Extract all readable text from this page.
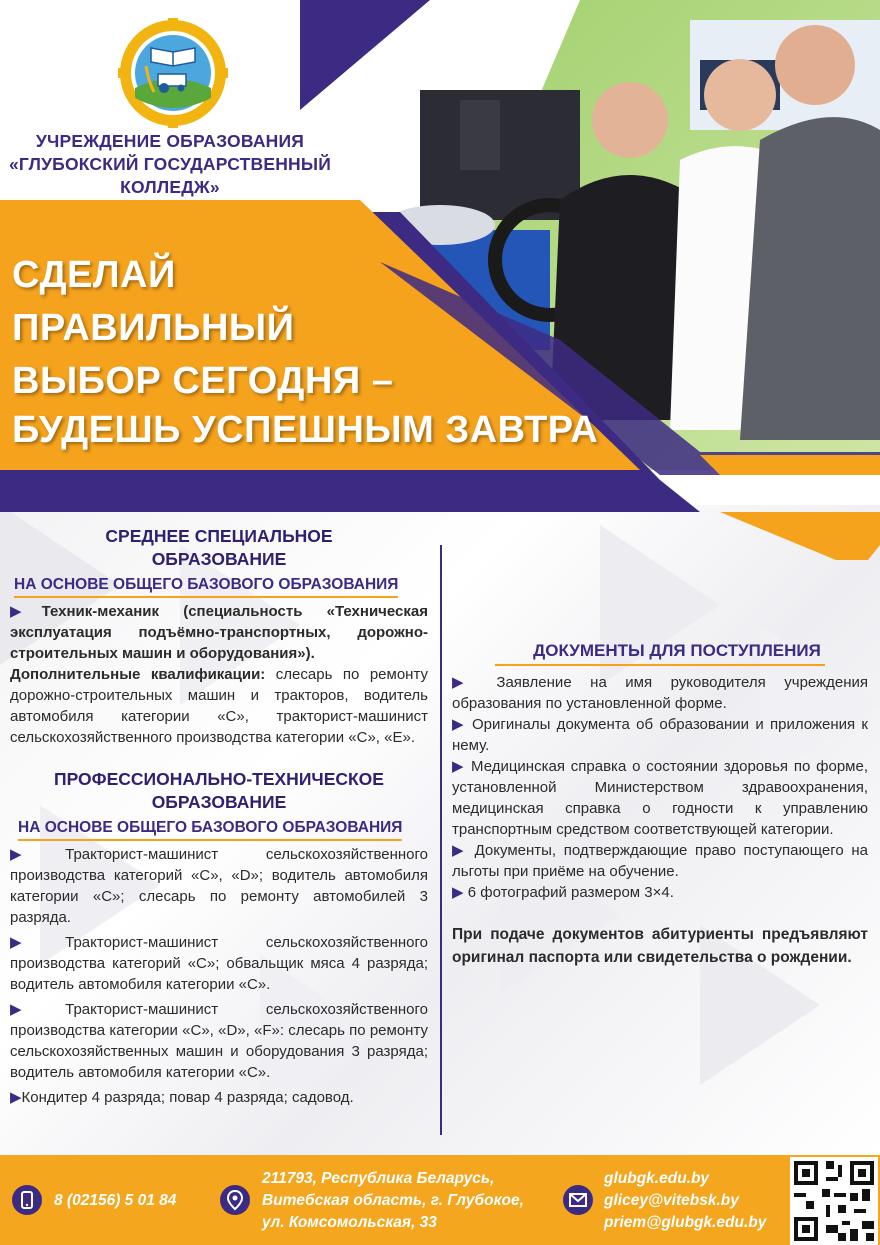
УЧРЕЖДЕНИЕ ОБРАЗОВАНИЯ
«ГЛУБОКСКИЙ ГОСУДАРСТВЕННЫЙ
КОЛЛЕДЖ»
СДЕЛАЙ
ПРАВИЛЬНЫЙ
ВЫБОР СЕГОДНЯ –
БУДЕШЬ УСПЕШНЫМ ЗАВТРА
СРЕДНЕЕ СПЕЦИАЛЬНОЕ
ОБРАЗОВАНИЕ
НА ОСНОВЕ ОБЩЕГО БАЗОВОГО ОБРАЗОВАНИЯ
▶Техник-механик (специальность «Техническая эксплуатация подъёмно-транспортных, дорожно-строительных машин и оборудования»).
Дополнительные квалификации: слесарь по ремонту дорожно-строительных машин и тракторов, водитель автомобиля категории «С», тракторист-машинист сельскохозяйственного производства категории «С», «Е».
ПРОФЕССИОНАЛЬНО-ТЕХНИЧЕСКОЕ
ОБРАЗОВАНИЕ
НА ОСНОВЕ ОБЩЕГО БАЗОВОГО ОБРАЗОВАНИЯ
▶Тракторист-машинист сельскохозяйственного производства категорий «С», «D»; водитель автомобиля категории «С»; слесарь по ремонту автомобилей 3 разряда.
▶Тракторист-машинист сельскохозяйственного производства категорий «С»; обвальщик мяса 4 разряда; водитель автомобиля категории «С».
▶Тракторист-машинист сельскохозяйственного производства категории «С», «D», «F»: слесарь по ремонту сельскохозяйственных машин и оборудования 3 разряда; водитель автомобиля категории «С».
▶Кондитер 4 разряда; повар 4 разряда; садовод.
ДОКУМЕНТЫ ДЛЯ ПОСТУПЛЕНИЯ
▶ Заявление на имя руководителя учреждения образования по установленной форме.
▶ Оригиналы документа об образовании и приложения к нему.
▶ Медицинская справка о состоянии здоровья по форме, установленной Министерством здравоохранения, медицинская справка о годности к управлению транспортным средством соответствующей категории.
▶ Документы, подтверждающие право поступающего на льготы при приёме на обучение.
▶ 6 фотографий размером 3×4.
При подаче документов абитуриенты предъявляют оригинал паспорта или свидетельства о рождении.
8 (02156) 5 01 84
211793, Республика Беларусь,
Витебская область, г. Глубокое,
ул. Комсомольская, 33
glubgk.edu.by
glicey@vitebsk.by
priem@glubgk.edu.by
